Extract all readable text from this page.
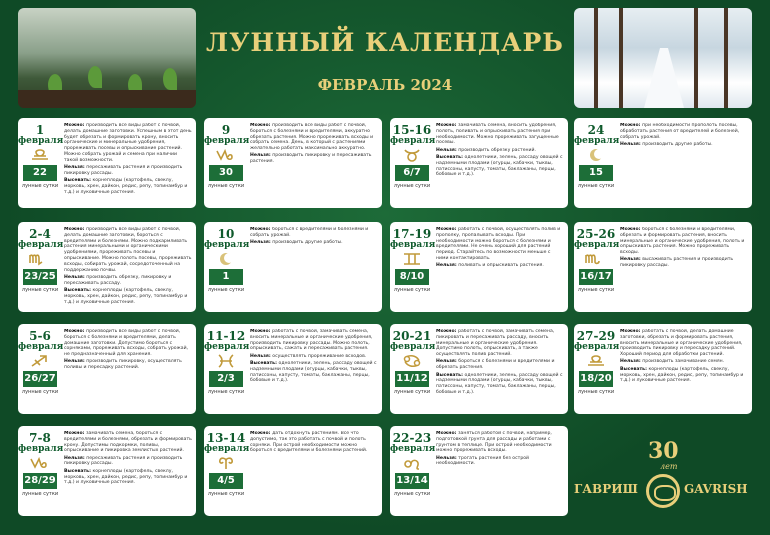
ЛУННЫЙ КАЛЕНДАРЬ
ФЕВРАЛЬ 2024
1
февраля
22
лунные сутки

Можно: производить все виды работ с почвой, делать домашние заготовки. Успешным в этот день будет обрезать и формировать крону, вносить органические и минеральные удобрения, прореживать посевы и опрыскивание растений. Можно собрать урожай и семена при наличии такой возможности.

Нельзя: пересаживать растения и производить пикировку рассады.

Высевать: корнеплоды (картофель, свеклу, морковь, хрен, дайкон, редис, репу, топинамбур и т.д.) и луковичные растения.

9
февраля
30
лунные сутки

Можно: производить все виды работ с почвой, бороться с болезнями и вредителями, аккуратно обрезать растения. Можно прореживать всходы и собрать семена. День, в который с растениями желательно работать максимально аккуратно.

Нельзя: производить пикировку и пересаживать растения.

15-16
февраля
6/7
лунные сутки

Можно: замачивать семена, вносить удобрения, полоть, поливать и опрыскивать растения при необходимости. Можно прореживать загущенные посевы.

Нельзя: производить обрезку растений.

Высевать: однолетники, зелень, рассаду овощей с надземными плодами (огурцы, кабачки, тыквы, патиссоны, капусту, томаты, баклажаны, перцы, бобовые и т.д.).

24
февраля
15
лунные сутки

Можно: при необходимости прополоть посевы, обработать растения от вредителей и болезней, собрать урожай.

Нельзя: производить другие работы.

2-4
февраля
23/25
лунные сутки

Можно: производить все виды работ с почвой, делать домашние заготовки, бороться с вредителями и болезнями. Можно подкармливать растения минеральными и органическими удобрениями, прореживать посевы и опрыскивание. Можно полоть посевы, прореживать всходы, собирать урожай, сосредоточенный на поддержанию почвы.

Нельзя: производить обрезку, пикировку и пересаживать рассаду.

Высевать: корнеплоды (картофель, свеклу, морковь, хрен, дайкон, редис, репу, топинамбур и т.д.) и луковичные растения.

10
февраля
1
лунные сутки

Можно: бороться с вредителями и болезнями и собрать урожай.

Нельзя: производить другие работы.

17-19
февраля
8/10
лунные сутки

Можно: работать с почвой, осуществлять полив и прополку, пропалывать всходы. При необходимости можно бороться с болезнями и вредителями. Не очень хороший для растений период. Старайтесь по возможности меньше с ними контактировать.

Нельзя: поливать и опрыскивать растения.

25-26
февраля
16/17
лунные сутки

Можно: бороться с болезнями и вредителями, обрезать и формировать растения, вносить минеральные и органические удобрения, полоть и опрыскивать растения. Можно прореживать всходы.

Нельзя: высаживать растения и производить пикировку рассады.

5-6
февраля
26/27
лунные сутки

Можно: производить все виды работ с почвой, бороться с болезнями и вредителями, делать домашние заготовки. Допустимо бороться с сорняками, прореживать всходы, собрать урожай, не предназначенный для хранения.

Нельзя: производить пикировку, осуществлять поливы и пересадку растений.

11-12
февраля
2/3
лунные сутки

Можно: работать с почвой, замачивать семена, вносить минеральные и органические удобрения, производить пикировку рассады. Можно полоть, опрыскивать, сажать и пересаживать растения.

Нельзя: осуществлять прореживание всходов.

Высевать: однолетники, зелень, рассаду овощей с надземными плодами (огурцы, кабачки, тыквы, патиссоны, капусту, томаты, баклажаны, перцы, бобовые и т.д.).

20-21
февраля
11/12
лунные сутки

Можно: работать с почвой, замачивать семена, пикировать и пересаживать рассаду, вносить минеральные и органические удобрения. Допустимо полоть, опрыскивать, а также осуществлять полив растений.

Нельзя: бороться с болезнями и вредителями и обрезать растения.

Высевать: однолетники, зелень, рассаду овощей с надземными плодами (огурцы, кабачки, тыквы, патиссоны, капусту, томаты, баклажаны, перцы, бобовые и т.д.).

27-29
февраля
18/20
лунные сутки

Можно: работать с почвой, делать домашние заготовки, обрезать и формировать растения, вносить минеральные и органические удобрения, производить пикировку и пересадку растений. Хороший период для обработки растений.

Нельзя: производить замачивание семян.

Высевать: корнеплоды (картофель, свеклу, морковь, хрен, дайкон, редис, репу, топинамбур и т.д.) и луковичные растения.

7-8
февраля
28/29
лунные сутки

Можно: замачивать семена, бороться с вредителями и болезнями, обрезать и формировать крону. Допустимы подкормки, поливы, опрыскивание и пикировка землистых растений.

Нельзя: пересаживать растения и производить пикировку рассады.

Высевать: корнеплоды (картофель, свеклу, морковь, хрен, дайкон, редис, репу, топинамбур и т.д.) и луковичные растения.

13-14
февраля
4/5
лунные сутки

Можно: дать отдохнуть растениям. Все что допустимо, так это работать с почвой и полоть сорняки. При острой необходимости можно бороться с вредителями и болезнями растений.

22-23
февраля
13/14
лунные сутки

Можно: заняться работой с почвой, например, подготовкой грунта для рассады и работами с грунтом в теплице. При острой необходимости можно прореживать всходы.

Нельзя: трогать растения без острой необходимости.	30
лет
ГАВРИШ	GAVRISH
